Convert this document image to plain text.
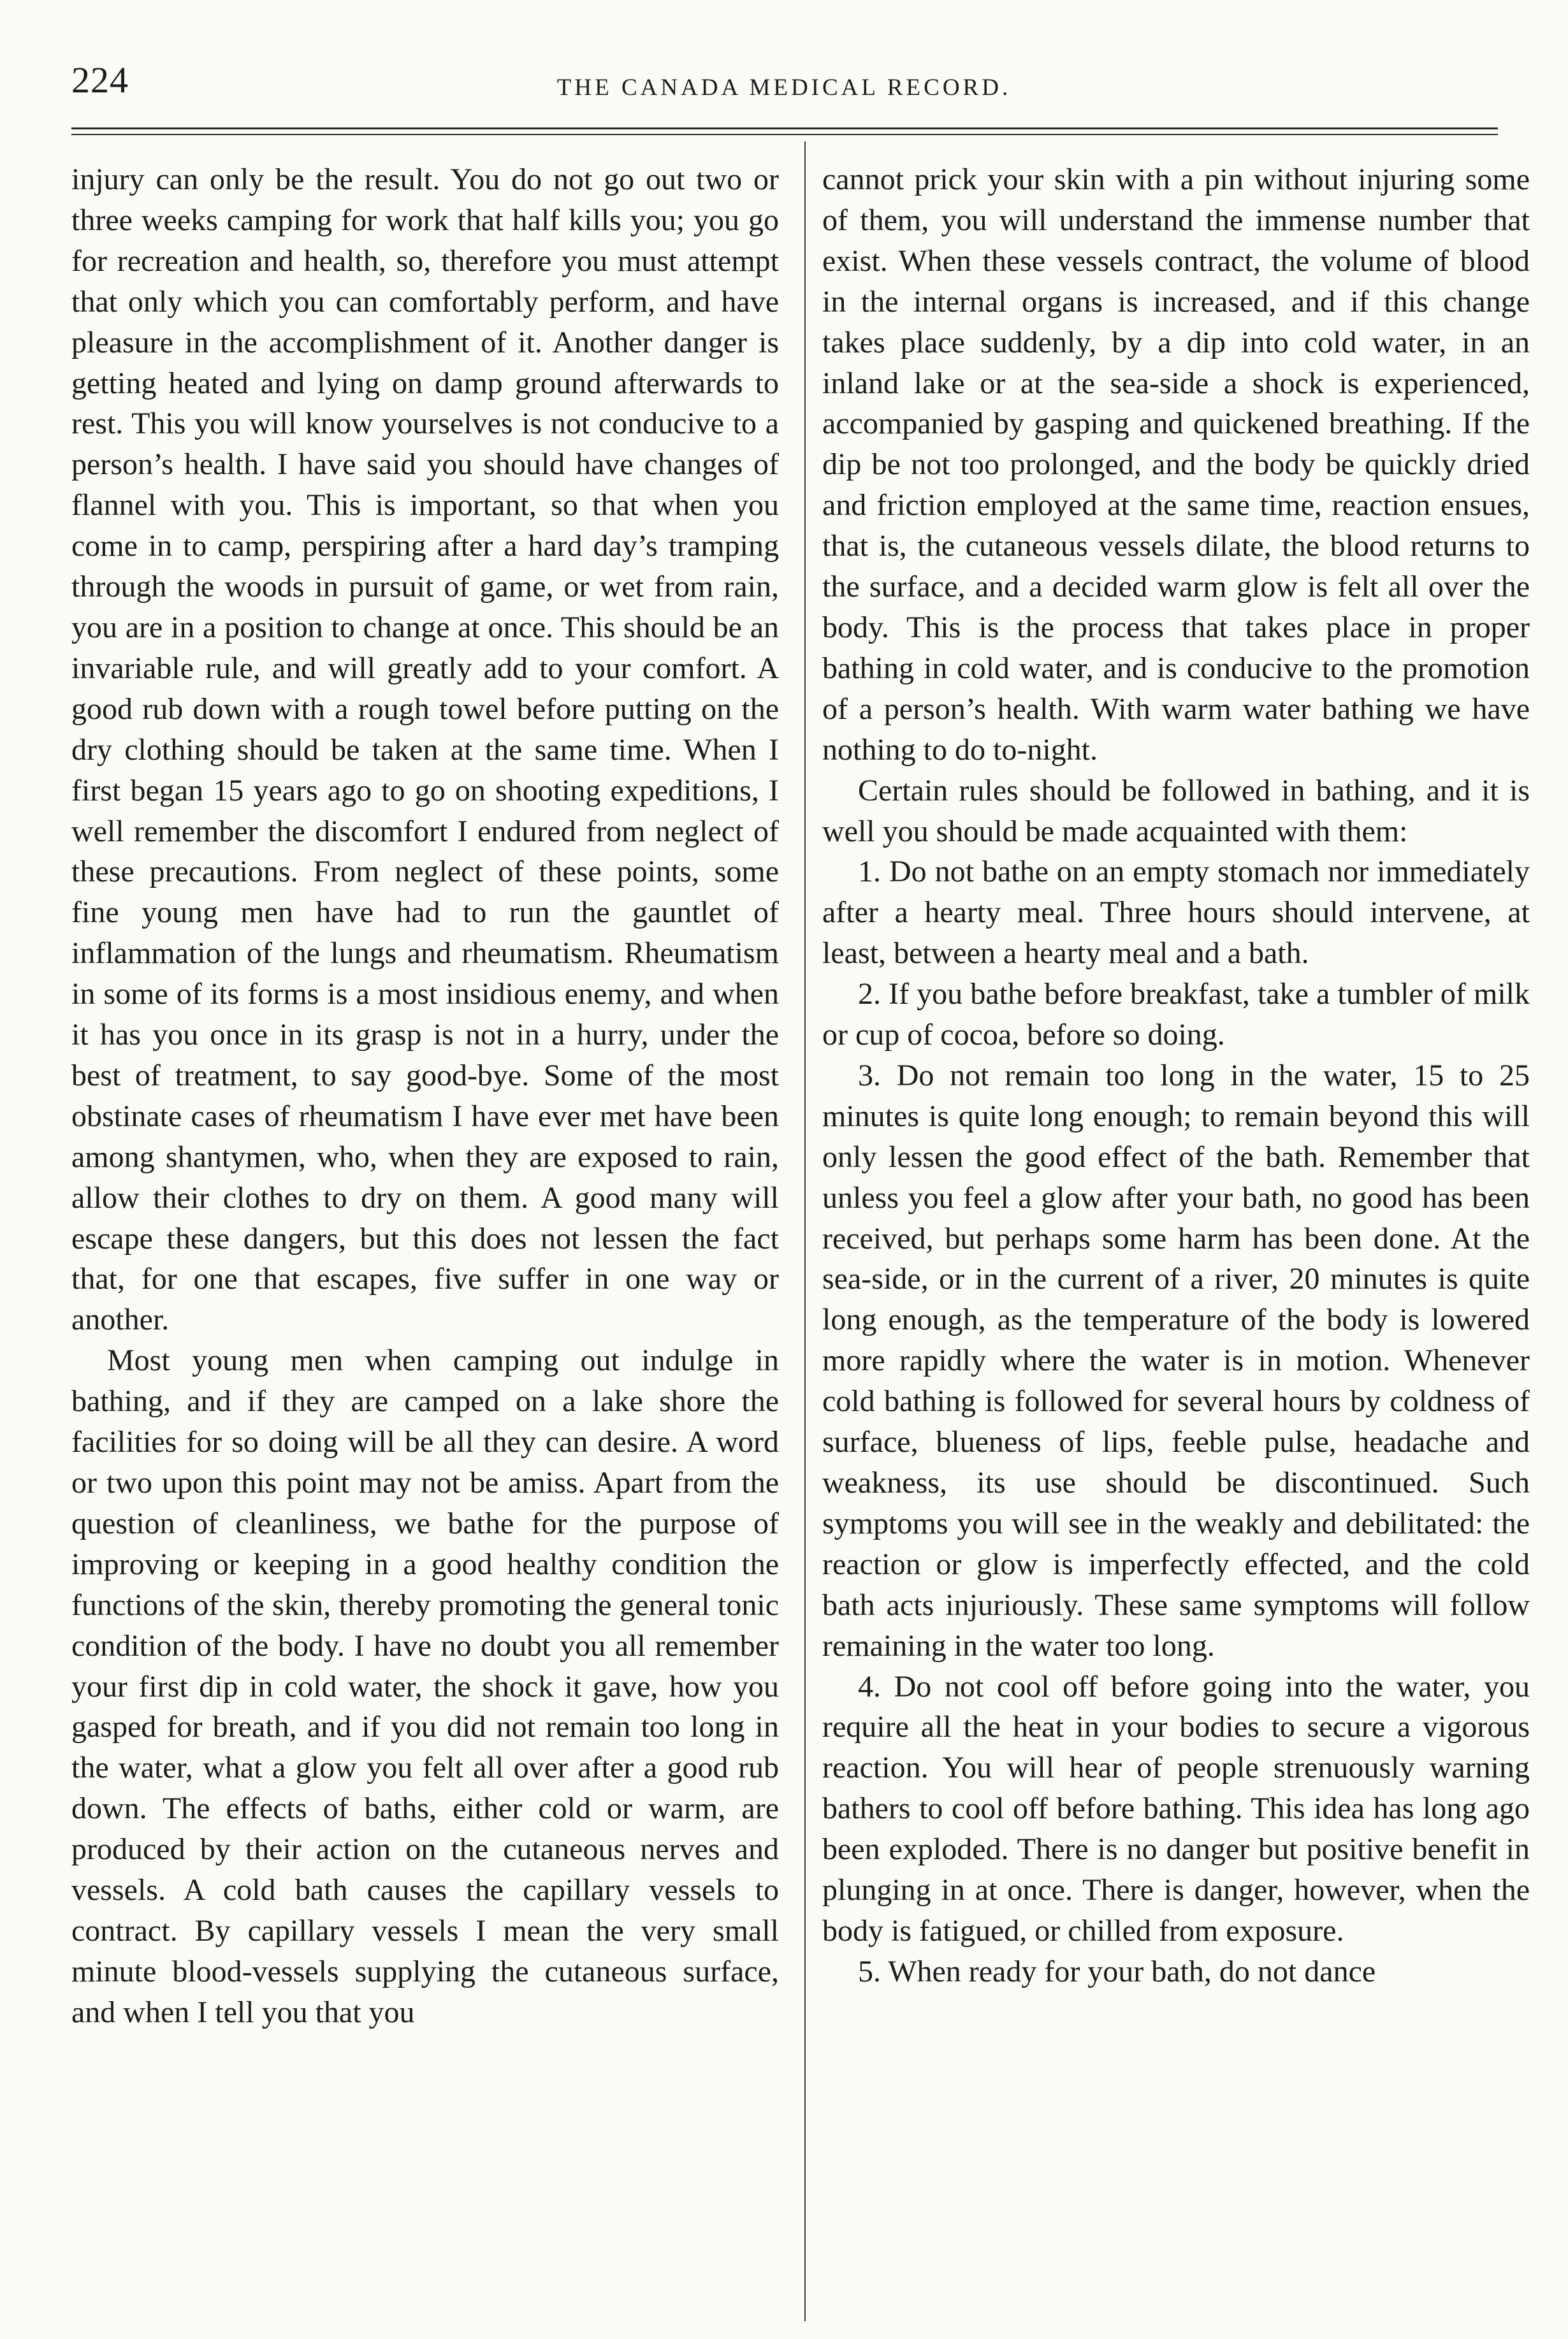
224	THE CANADA MEDICAL RECORD.

injury can only be the result. You do not go out two or three weeks camping for work that half kills you; you go for recreation and health, so, therefore you must attempt that only which you can comfortably perform, and have pleasure in the accomplishment of it. Another danger is getting heated and lying on damp ground afterwards to rest. This you will know yourselves is not conducive to a person’s health. I have said you should have changes of flannel with you. This is important, so that when you come in to camp, perspiring after a hard day’s tramping through the woods in pursuit of game, or wet from rain, you are in a position to change at once. This should be an invariable rule, and will greatly add to your comfort. A good rub down with a rough towel before putting on the dry clothing should be taken at the same time. When I first began 15 years ago to go on shooting expeditions, I well remember the discomfort I endured from neglect of these precautions. From neglect of these points, some fine young men have had to run the gauntlet of inflammation of the lungs and rheumatism. Rheumatism in some of its forms is a most insidious enemy, and when it has you once in its grasp is not in a hurry, under the best of treatment, to say good-bye. Some of the most obstinate cases of rheumatism I have ever met have been among shantymen, who, when they are exposed to rain, allow their clothes to dry on them. A good many will escape these dangers, but this does not lessen the fact that, for one that escapes, five suffer in one way or another.

Most young men when camping out indulge in bathing, and if they are camped on a lake shore the facilities for so doing will be all they can desire. A word or two upon this point may not be amiss. Apart from the question of cleanliness, we bathe for the purpose of improving or keeping in a good healthy condition the functions of the skin, thereby promoting the general tonic condition of the body. I have no doubt you all remember your first dip in cold water, the shock it gave, how you gasped for breath, and if you did not remain too long in the water, what a glow you felt all over after a good rub down. The effects of baths, either cold or warm, are produced by their action on the cutaneous nerves and vessels. A cold bath causes the capillary vessels to contract. By capillary vessels I mean the very small minute blood-vessels supplying the cutaneous surface, and when I tell you that you

cannot prick your skin with a pin without injuring some of them, you will understand the immense number that exist. When these vessels contract, the volume of blood in the internal organs is increased, and if this change takes place suddenly, by a dip into cold water, in an inland lake or at the sea-side a shock is experienced, accompanied by gasping and quickened breathing. If the dip be not too prolonged, and the body be quickly dried and friction employed at the same time, reaction ensues, that is, the cutaneous vessels dilate, the blood returns to the surface, and a decided warm glow is felt all over the body. This is the process that takes place in proper bathing in cold water, and is conducive to the promotion of a person’s health. With warm water bathing we have nothing to do to-night.

Certain rules should be followed in bathing, and it is well you should be made acquainted with them:

1. Do not bathe on an empty stomach nor immediately after a hearty meal. Three hours should intervene, at least, between a hearty meal and a bath.

2. If you bathe before breakfast, take a tumbler of milk or cup of cocoa, before so doing.

3. Do not remain too long in the water, 15 to 25 minutes is quite long enough; to remain beyond this will only lessen the good effect of the bath. Remember that unless you feel a glow after your bath, no good has been received, but perhaps some harm has been done. At the sea-side, or in the current of a river, 20 minutes is quite long enough, as the temperature of the body is lowered more rapidly where the water is in motion. Whenever cold bathing is followed for several hours by coldness of surface, blueness of lips, feeble pulse, headache and weakness, its use should be discontinued. Such symptoms you will see in the weakly and debilitated: the reaction or glow is imperfectly effected, and the cold bath acts injuriously. These same symptoms will follow remaining in the water too long.

4. Do not cool off before going into the water, you require all the heat in your bodies to secure a vigorous reaction. You will hear of people strenuously warning bathers to cool off before bathing. This idea has long ago been exploded. There is no danger but positive benefit in plunging in at once. There is danger, however, when the body is fatigued, or chilled from exposure.

5. When ready for your bath, do not dance
